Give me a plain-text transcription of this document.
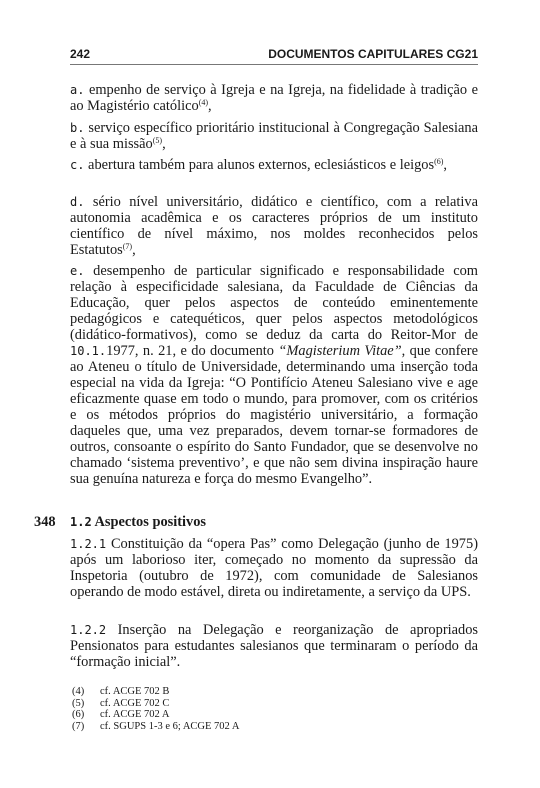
242	DOCUMENTOS CAPITULARES CG21

a. empenho de serviço à Igreja e na Igreja, na fidelidade à tradição e ao Magistério católico$^{(4)}$,

b. serviço específico prioritário institucional à Congregação Salesiana e à sua missão$^{(5)}$,

c. abertura também para alunos externos, eclesiásticos e leigos$^{(6)}$,

d. sério nível universitário, didático e científico, com a relativa autonomia acadêmica e os caracteres próprios de um instituto científico de nível máximo, nos moldes reconhecidos pelos Estatutos$^{(7)}$,

e. desempenho de particular significado e responsabilidade com relação à especificidade salesiana, da Faculdade de Ciências da Educação, quer pelos aspectos de conteúdo eminentemente pedagógicos e catequéticos, quer pelos aspectos metodológicos (didático-formativos), como se deduz da carta do Reitor-Mor de 10.1.1977, n. 21, e do documento “Magisterium Vitae”, que confere ao Ateneu o título de Universidade, determinando uma inserção toda especial na vida da Igreja: “O Pontifício Ateneu Salesiano vive e age eficazmente quase em todo o mundo, para promover, com os critérios e os métodos próprios do magistério universitário, a formação daqueles que, uma vez preparados, devem tornar-se formadores de outros, consoante o espírito do Santo Fundador, que se desenvolve no chamado ‘sistema preventivo’, e que não sem divina inspiração haure sua genuína natureza e força do mesmo Evangelho”.

348 1.2 Aspectos positivos

1.2.1 Constituição da “opera Pas” como Delegação (junho de 1975) após um laborioso iter, começado no momento da supressão da Inspetoria (outubro de 1972), com comunidade de Salesianos operando de modo estável, direta ou indiretamente, a serviço da UPS.

1.2.2 Inserção na Delegação e reorganização de apropriados Pensionatos para estudantes salesianos que terminaram o período da “formação inicial”.

(4) cf. ACGE 702 B
(5) cf. ACGE 702 C
(6) cf. ACGE 702 A
(7) cf. SGUPS 1-3 e 6; ACGE 702 A
